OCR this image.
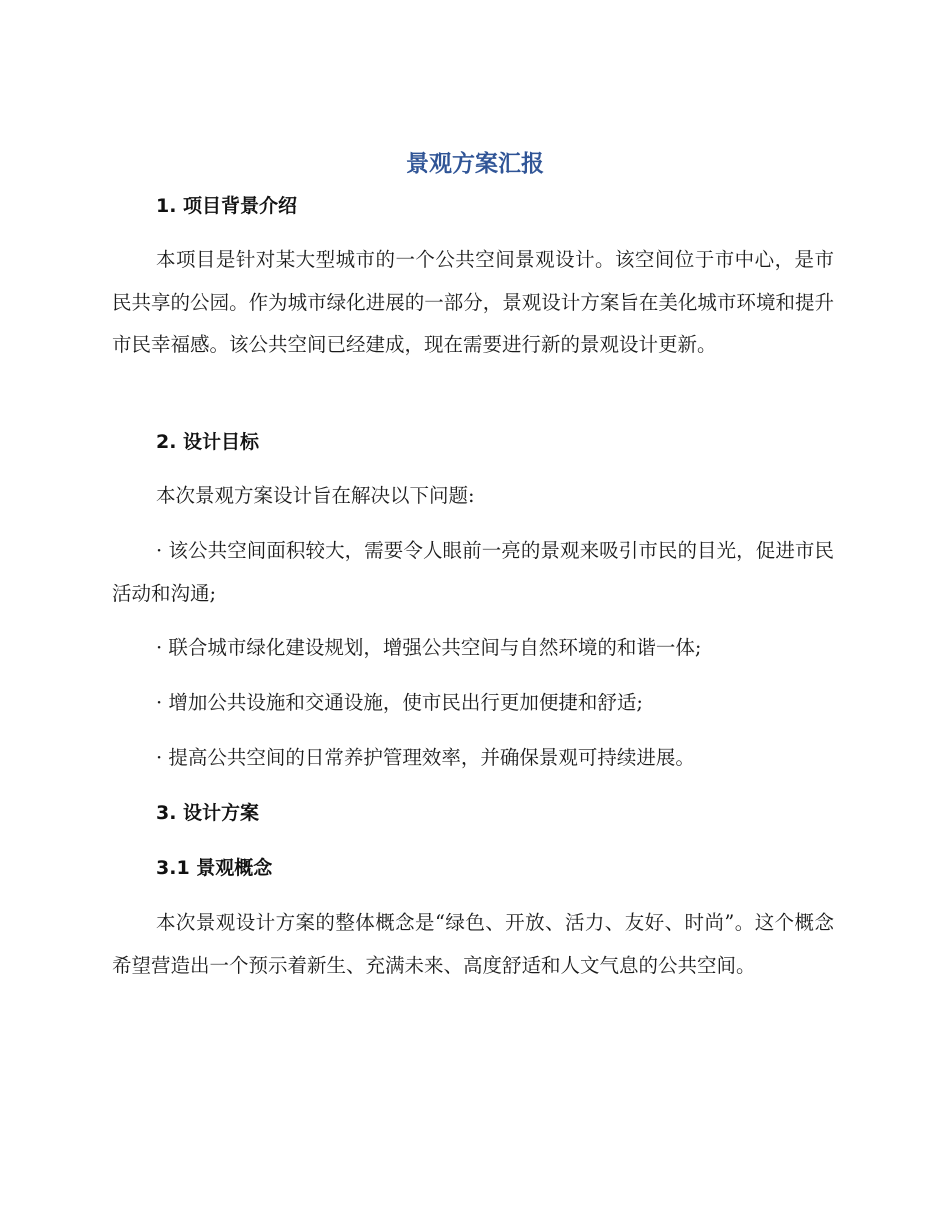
景观方案汇报
1. 项目背景介绍

本项目是针对某大型城市的一个公共空间景观设计。该空间位于市中心，是市民共享的公园。作为城市绿化进展的一部分，景观设计方案旨在美化城市环境和提升市民幸福感。该公共空间已经建成，现在需要进行新的景观设计更新。

2. 设计目标

本次景观方案设计旨在解决以下问题:

· 该公共空间面积较大，需要令人眼前一亮的景观来吸引市民的目光，促进市民活动和沟通;

· 联合城市绿化建设规划，增强公共空间与自然环境的和谐一体;

· 增加公共设施和交通设施，使市民出行更加便捷和舒适;

· 提高公共空间的日常养护管理效率，并确保景观可持续进展。

3. 设计方案
3.1 景观概念

本次景观设计方案的整体概念是“绿色、开放、活力、友好、时尚”。这个概念希望营造出一个预示着新生、充满未来、高度舒适和人文气息的公共空间。
